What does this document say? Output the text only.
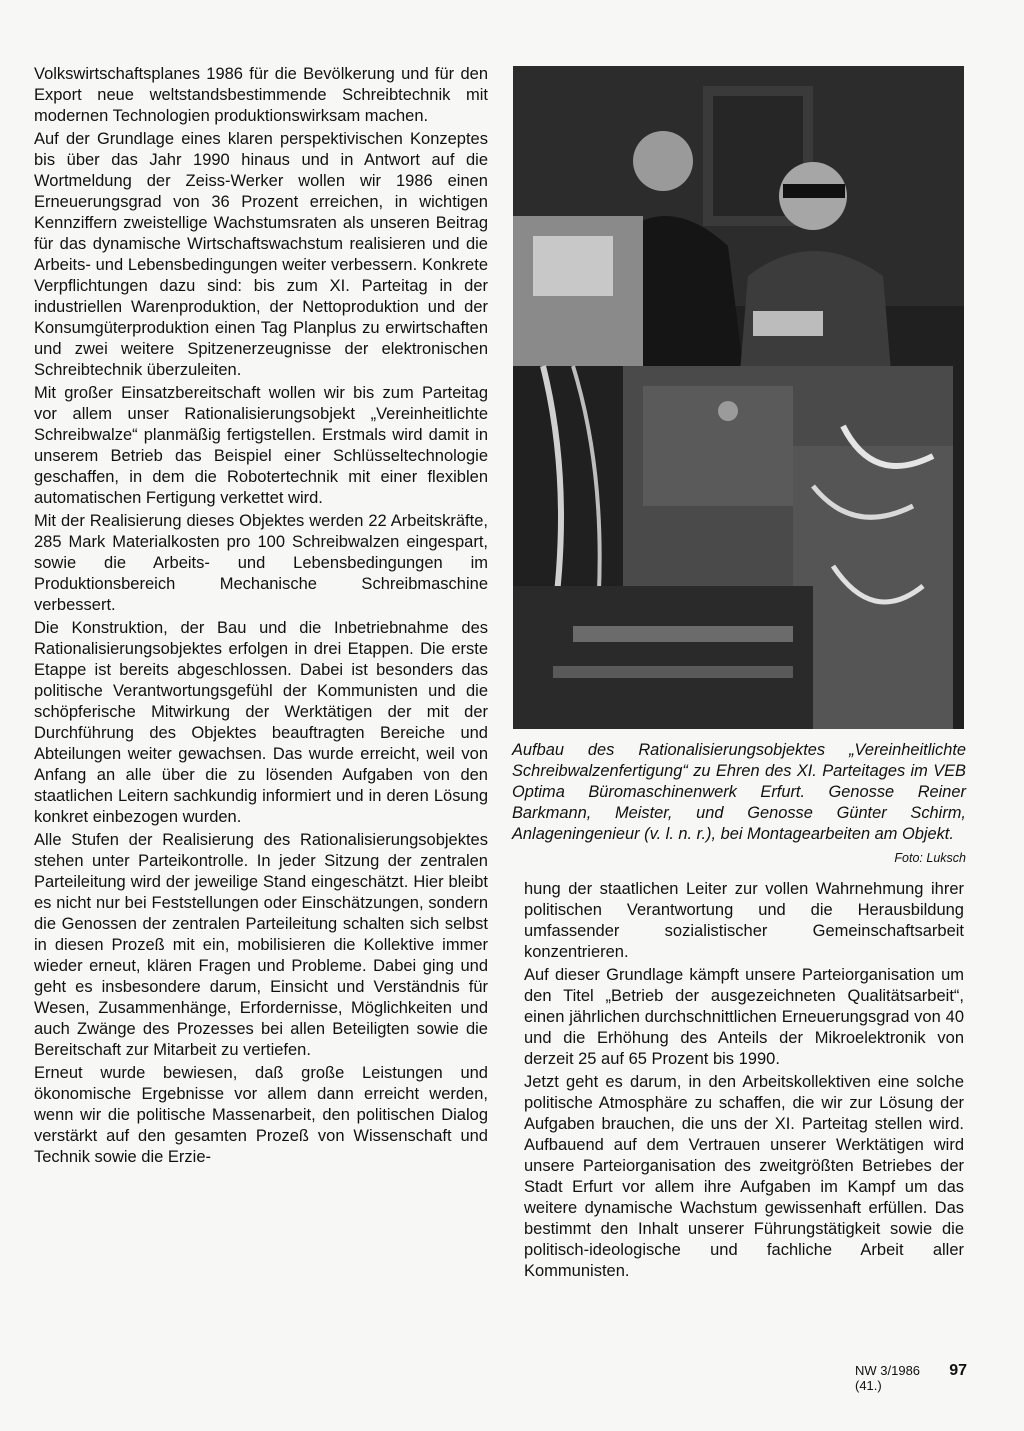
Volkswirtschaftsplanes 1986 für die Bevölkerung und für den Export neue weltstandsbestimmende Schreibtechnik mit modernen Technologien produktionswirksam machen.

Auf der Grundlage eines klaren perspektivischen Konzeptes bis über das Jahr 1990 hinaus und in Antwort auf die Wortmeldung der Zeiss-Werker wollen wir 1986 einen Erneuerungsgrad von 36 Prozent erreichen, in wichtigen Kennziffern zweistellige Wachstumsraten als unseren Beitrag für das dynamische Wirtschaftswachstum realisieren und die Arbeits- und Lebensbedingungen weiter verbessern. Konkrete Verpflichtungen dazu sind: bis zum XI. Parteitag in der industriellen Warenproduktion, der Nettoproduktion und der Konsumgüterproduktion einen Tag Planplus zu erwirtschaften und zwei weitere Spitzenerzeugnisse der elektronischen Schreibtechnik überzuleiten.

Mit großer Einsatzbereitschaft wollen wir bis zum Parteitag vor allem unser Rationalisierungsobjekt „Vereinheitlichte Schreibwalze“ planmäßig fertigstellen. Erstmals wird damit in unserem Betrieb das Beispiel einer Schlüsseltechnologie geschaffen, in dem die Robotertechnik mit einer flexiblen automatischen Fertigung verkettet wird.

Mit der Realisierung dieses Objektes werden 22 Arbeitskräfte, 285 Mark Materialkosten pro 100 Schreibwalzen eingespart, sowie die Arbeits- und Lebensbedingungen im Produktionsbereich Mechanische Schreibmaschine verbessert.

Die Konstruktion, der Bau und die Inbetriebnahme des Rationalisierungsobjektes erfolgen in drei Etappen. Die erste Etappe ist bereits abgeschlossen. Dabei ist besonders das politische Verantwortungsgefühl der Kommunisten und die schöpferische Mitwirkung der Werktätigen der mit der Durchführung des Objektes beauftragten Bereiche und Abteilungen weiter gewachsen. Das wurde erreicht, weil von Anfang an alle über die zu lösenden Aufgaben von den staatlichen Leitern sachkundig informiert und in deren Lösung konkret einbezogen wurden.

Alle Stufen der Realisierung des Rationalisierungsobjektes stehen unter Parteikontrolle. In jeder Sitzung der zentralen Parteileitung wird der jeweilige Stand eingeschätzt. Hier bleibt es nicht nur bei Feststellungen oder Einschätzungen, sondern die Genossen der zentralen Parteileitung schalten sich selbst in diesen Prozeß mit ein, mobilisieren die Kollektive immer wieder erneut, klären Fragen und Probleme. Dabei ging und geht es insbesondere darum, Einsicht und Verständnis für Wesen, Zusammenhänge, Erfordernisse, Möglichkeiten und auch Zwänge des Prozesses bei allen Beteiligten sowie die Bereitschaft zur Mitarbeit zu vertiefen.

Erneut wurde bewiesen, daß große Leistungen und ökonomische Ergebnisse vor allem dann erreicht werden, wenn wir die politische Massenarbeit, den politischen Dialog verstärkt auf den gesamten Prozeß von Wissenschaft und Technik sowie die Erzie-

Aufbau des Rationalisierungsobjektes „Vereinheitlichte Schreibwalzenfertigung“ zu Ehren des XI. Parteitages im VEB Optima Büromaschinenwerk Erfurt. Genosse Reiner Barkmann, Meister, und Genosse Günter Schirm, Anlageningenieur (v. l. n. r.), bei Montagearbeiten am Objekt.
Foto: Luksch

hung der staatlichen Leiter zur vollen Wahrnehmung ihrer politischen Verantwortung und die Herausbildung umfassender sozialistischer Gemeinschaftsarbeit konzentrieren.

Auf dieser Grundlage kämpft unsere Parteiorganisation um den Titel „Betrieb der ausgezeichneten Qualitätsarbeit“, einen jährlichen durchschnittlichen Erneuerungsgrad von 40 und die Erhöhung des Anteils der Mikroelektronik von derzeit 25 auf 65 Prozent bis 1990.

Jetzt geht es darum, in den Arbeitskollektiven eine solche politische Atmosphäre zu schaffen, die wir zur Lösung der Aufgaben brauchen, die uns der XI. Parteitag stellen wird. Aufbauend auf dem Vertrauen unserer Werktätigen wird unsere Parteiorganisation des zweitgrößten Betriebes der Stadt Erfurt vor allem ihre Aufgaben im Kampf um das weitere dynamische Wachstum gewissenhaft erfüllen. Das bestimmt den Inhalt unserer Führungstätigkeit sowie die politisch-ideologische und fachliche Arbeit aller Kommunisten.

NW 3/1986 (41.)
97
